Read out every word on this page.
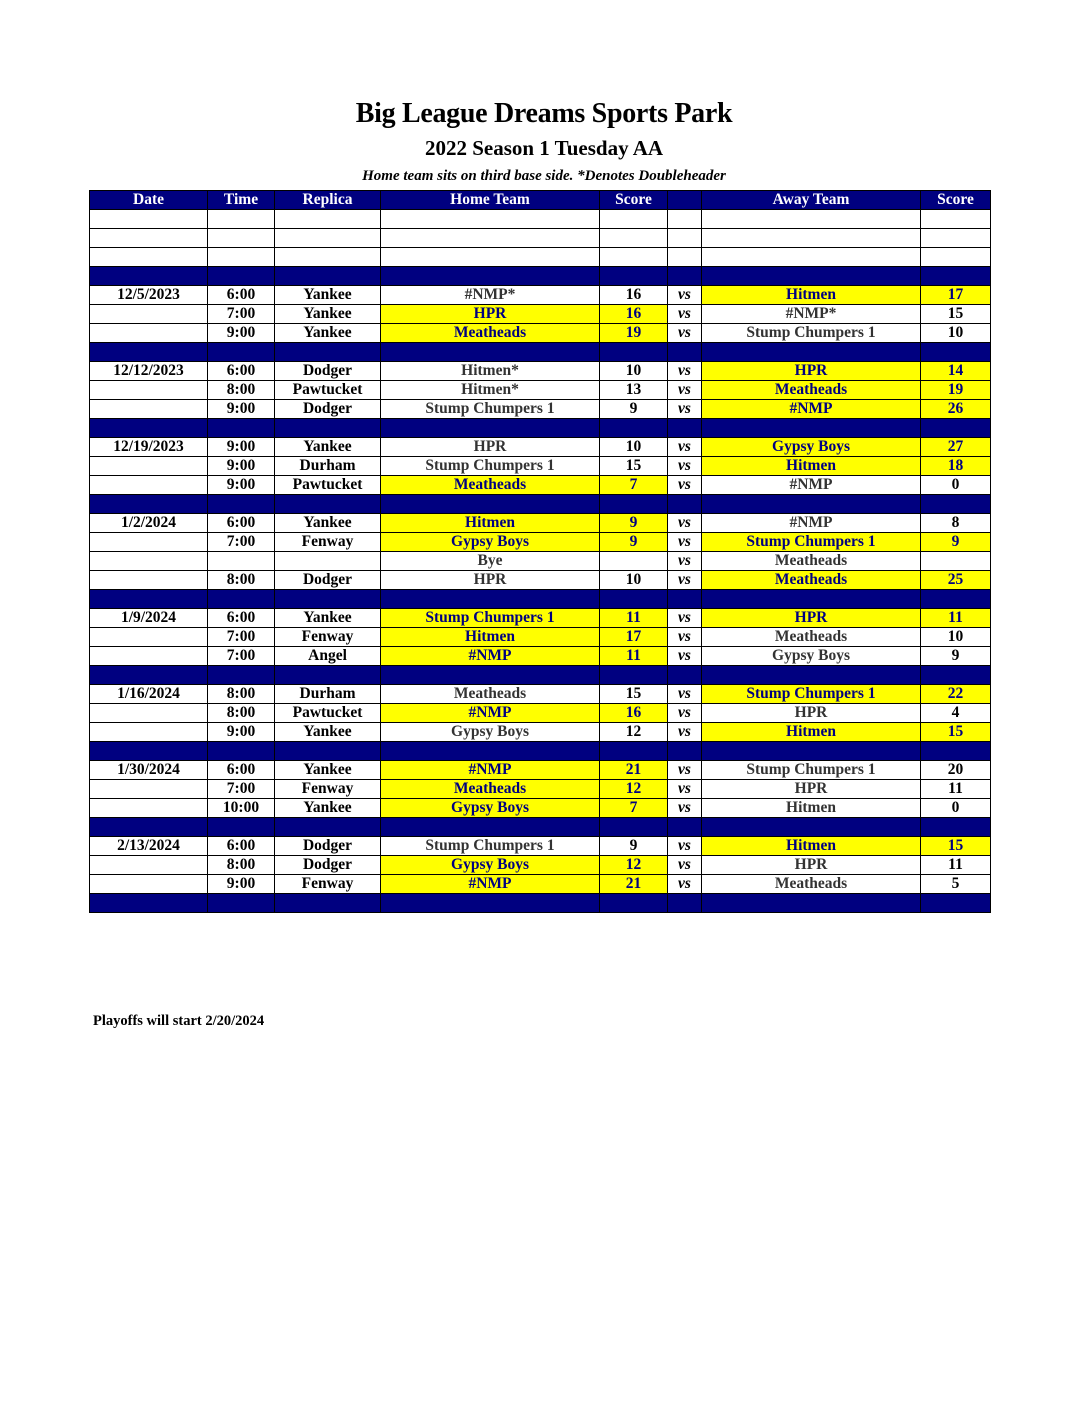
Big League Dreams Sports Park
2022 Season 1 Tuesday AA
Home team sits on third base side. *Denotes Doubleheader
Date	Time	Replica	Home Team	Score		Away Team	Score

12/5/2023	6:00	Yankee	#NMP*	16	vs	Hitmen	17
	7:00	Yankee	HPR	16	vs	#NMP*	15
	9:00	Yankee	Meatheads	19	vs	Stump Chumpers 1	10

12/12/2023	6:00	Dodger	Hitmen*	10	vs	HPR	14
	8:00	Pawtucket	Hitmen*	13	vs	Meatheads	19
	9:00	Dodger	Stump Chumpers 1	9	vs	#NMP	26

12/19/2023	9:00	Yankee	HPR	10	vs	Gypsy Boys	27
	9:00	Durham	Stump Chumpers 1	15	vs	Hitmen	18
	9:00	Pawtucket	Meatheads	7	vs	#NMP	0

1/2/2024	6:00	Yankee	Hitmen	9	vs	#NMP	8
	7:00	Fenway	Gypsy Boys	9	vs	Stump Chumpers 1	9
			Bye		vs	Meatheads	
	8:00	Dodger	HPR	10	vs	Meatheads	25

1/9/2024	6:00	Yankee	Stump Chumpers 1	11	vs	HPR	11
	7:00	Fenway	Hitmen	17	vs	Meatheads	10
	7:00	Angel	#NMP	11	vs	Gypsy Boys	9

1/16/2024	8:00	Durham	Meatheads	15	vs	Stump Chumpers 1	22
	8:00	Pawtucket	#NMP	16	vs	HPR	4
	9:00	Yankee	Gypsy Boys	12	vs	Hitmen	15

1/30/2024	6:00	Yankee	#NMP	21	vs	Stump Chumpers 1	20
	7:00	Fenway	Meatheads	12	vs	HPR	11
	10:00	Yankee	Gypsy Boys	7	vs	Hitmen	0

2/13/2024	6:00	Dodger	Stump Chumpers 1	9	vs	Hitmen	15
	8:00	Dodger	Gypsy Boys	12	vs	HPR	11
	9:00	Fenway	#NMP	21	vs	Meatheads	5

Playoffs will start 2/20/2024
